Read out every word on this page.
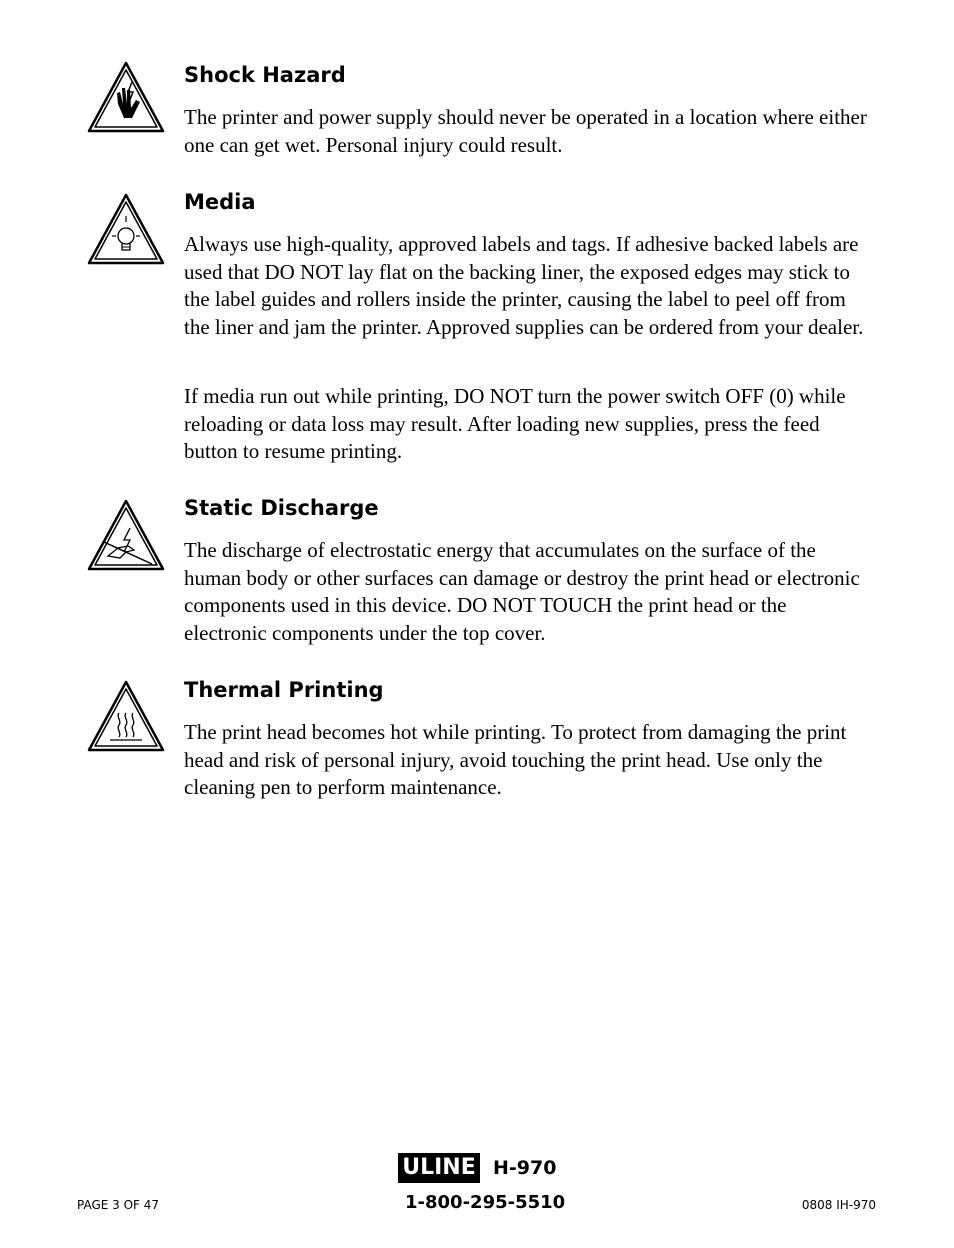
Shock Hazard

The printer and power supply should never be operated in a location where either one can get wet. Personal injury could result.

Media

Always use high-quality, approved labels and tags. If adhesive backed labels are used that DO NOT lay flat on the backing liner, the exposed edges may stick to the label guides and rollers inside the printer, causing the label to peel off from the liner and jam the printer. Approved supplies can be ordered from your dealer.

If media run out while printing, DO NOT turn the power switch OFF (0) while reloading or data loss may result. After loading new supplies, press the feed button to resume printing.

Static Discharge

The discharge of electrostatic energy that accumulates on the surface of the human body or other surfaces can damage or destroy the print head or electronic components used in this device. DO NOT TOUCH the print head or the electronic components under the top cover.

Thermal Printing

The print head becomes hot while printing. To protect from damaging the print head and risk of personal injury, avoid touching the print head. Use only the cleaning pen to perform maintenance.

ULINE H-970
1-800-295-5510
PAGE 3 OF 47	0808 IH-970
